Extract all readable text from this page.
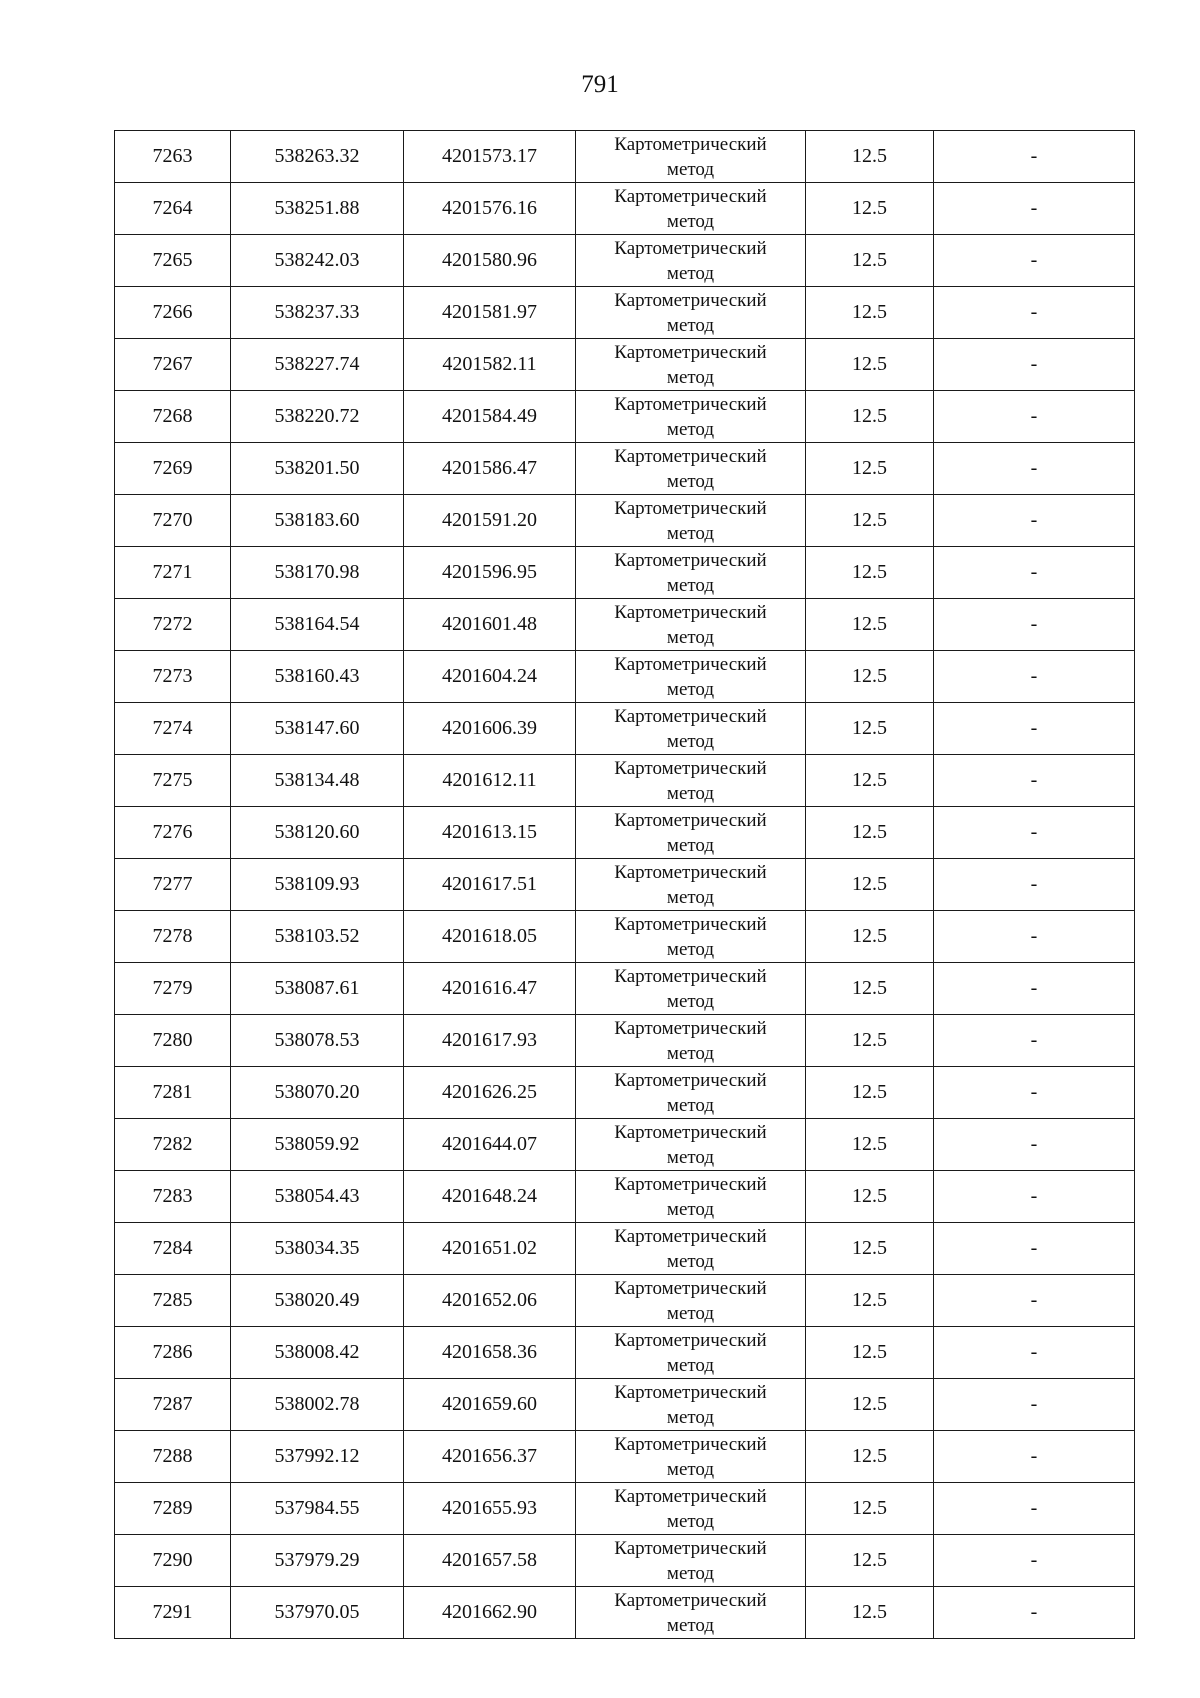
791
7263	538263.32	4201573.17	Картометрический
метод	12.5	-
7264	538251.88	4201576.16	Картометрический
метод	12.5	-
7265	538242.03	4201580.96	Картометрический
метод	12.5	-
7266	538237.33	4201581.97	Картометрический
метод	12.5	-
7267	538227.74	4201582.11	Картометрический
метод	12.5	-
7268	538220.72	4201584.49	Картометрический
метод	12.5	-
7269	538201.50	4201586.47	Картометрический
метод	12.5	-
7270	538183.60	4201591.20	Картометрический
метод	12.5	-
7271	538170.98	4201596.95	Картометрический
метод	12.5	-
7272	538164.54	4201601.48	Картометрический
метод	12.5	-
7273	538160.43	4201604.24	Картометрический
метод	12.5	-
7274	538147.60	4201606.39	Картометрический
метод	12.5	-
7275	538134.48	4201612.11	Картометрический
метод	12.5	-
7276	538120.60	4201613.15	Картометрический
метод	12.5	-
7277	538109.93	4201617.51	Картометрический
метод	12.5	-
7278	538103.52	4201618.05	Картометрический
метод	12.5	-
7279	538087.61	4201616.47	Картометрический
метод	12.5	-
7280	538078.53	4201617.93	Картометрический
метод	12.5	-
7281	538070.20	4201626.25	Картометрический
метод	12.5	-
7282	538059.92	4201644.07	Картометрический
метод	12.5	-
7283	538054.43	4201648.24	Картометрический
метод	12.5	-
7284	538034.35	4201651.02	Картометрический
метод	12.5	-
7285	538020.49	4201652.06	Картометрический
метод	12.5	-
7286	538008.42	4201658.36	Картометрический
метод	12.5	-
7287	538002.78	4201659.60	Картометрический
метод	12.5	-
7288	537992.12	4201656.37	Картометрический
метод	12.5	-
7289	537984.55	4201655.93	Картометрический
метод	12.5	-
7290	537979.29	4201657.58	Картометрический
метод	12.5	-
7291	537970.05	4201662.90	Картометрический
метод	12.5	-
